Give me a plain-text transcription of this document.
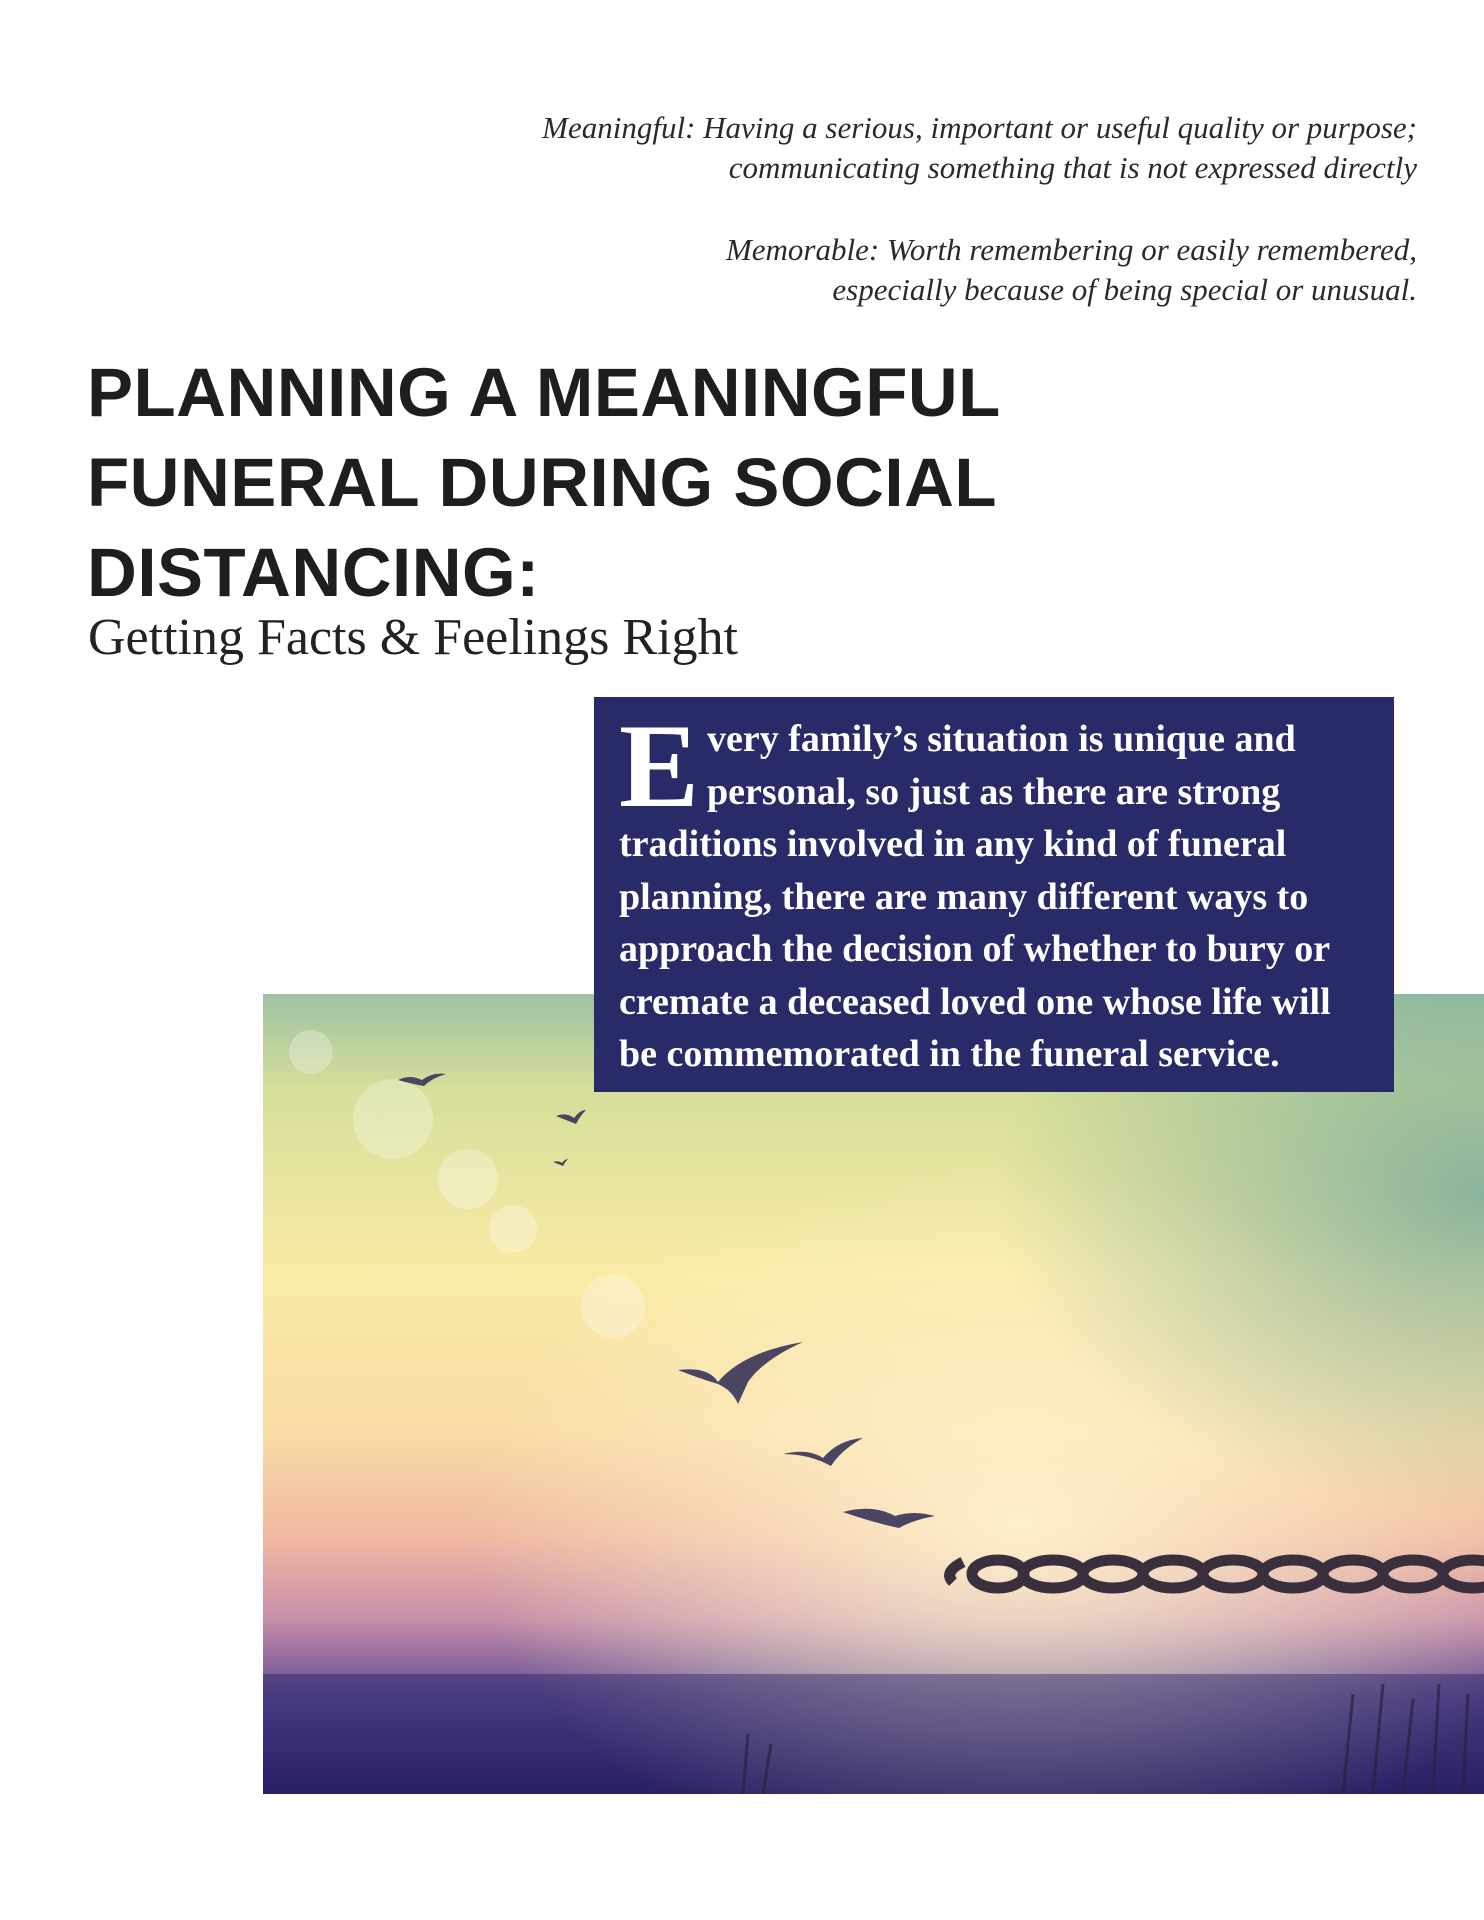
Meaningful: Having a serious, important or useful quality or purpose;
communicating something that is not expressed directly
Memorable: Worth remembering or easily remembered,
especially because of being special or unusual.
PLANNING A MEANINGFUL
FUNERAL DURING SOCIAL
DISTANCING:
Getting Facts & Feelings Right
E very family’s situation is unique and
personal, so just as there are strong
traditions involved in any kind of funeral
planning, there are many different ways to
approach the decision of whether to bury or
cremate a deceased loved one whose life will
be commemorated in the funeral service.
